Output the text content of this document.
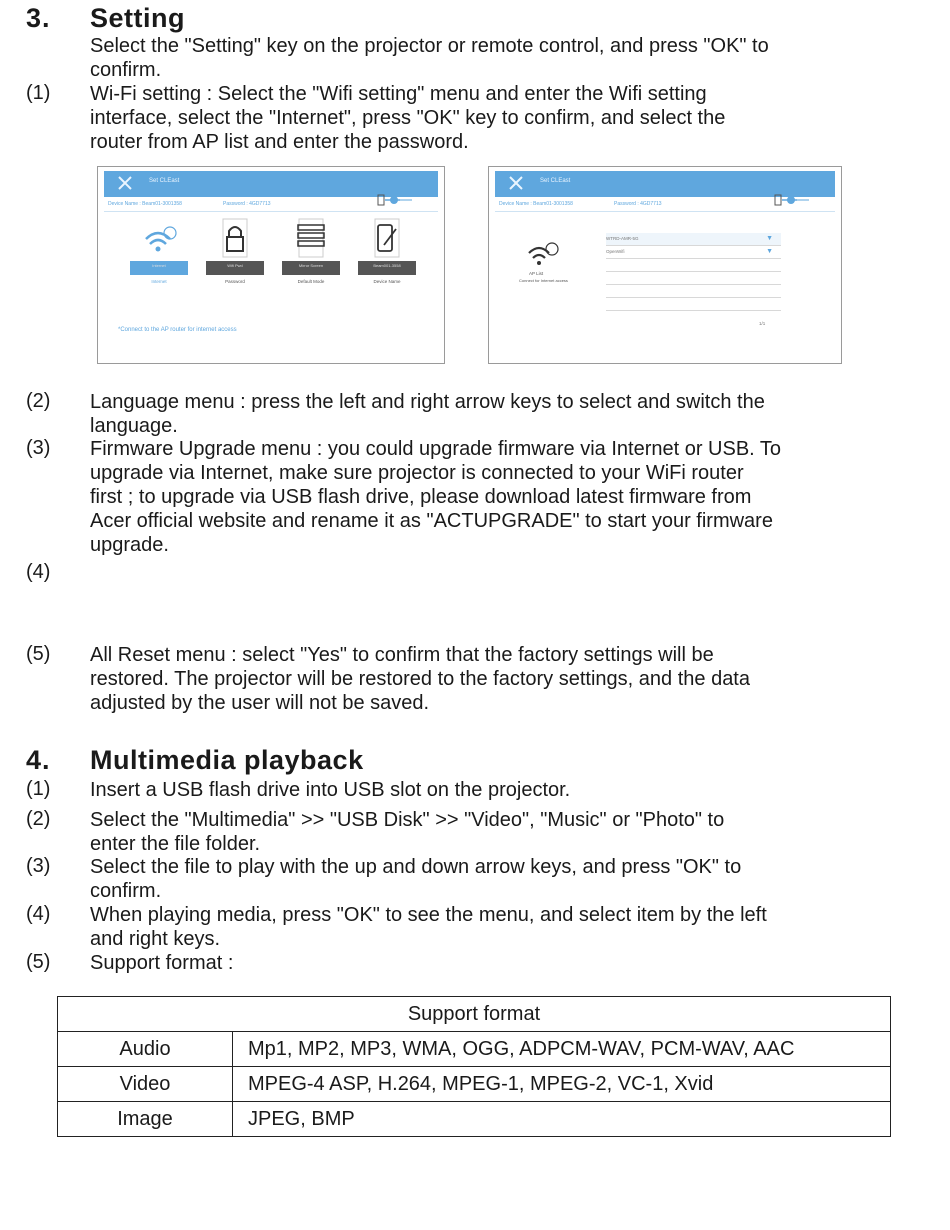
3. Setting
Select the "Setting" key on the projector or remote control, and press "OK" to
confirm.
(1) Wi-Fi setting : Select the "Wifi setting" menu and enter the Wifi setting
interface, select the "Internet", press "OK" key to confirm, and select the
router from AP list and enter the password.
Set CLEast
Device Name : Beam01-3001358	Password : 4GD7713
Internet
Internet
Wifi Pwd
Password
Mirror Screen
Default Mode
Beam001-3558
Device Name
*Connect to the AP router for internet access
Set CLEast
Device Name : Beam01-3001358	Password : 4GD7713
AP List
Connect for Internet access
WTRD-AMR-5G	▼
OpenWifi	▼
1/1
(2) Language menu : press the left and right arrow keys to select and switch the
language.
(3) Firmware Upgrade menu : you could upgrade firmware via Internet or USB. To
upgrade via Internet, make sure projector is connected to your WiFi router
first ; to upgrade via USB flash drive, please download latest firmware from
Acer official website and rename it as "ACTUPGRADE" to start your firmware
upgrade.
(4)
(5) All Reset menu : select "Yes" to confirm that the factory settings will be
restored. The projector will be restored to the factory settings, and the data
adjusted by the user will not be saved.
4. Multimedia playback
(1) Insert a USB flash drive into USB slot on the projector.
(2) Select the "Multimedia" >> "USB Disk" >> "Video", "Music" or "Photo" to
enter the file folder.
(3) Select the file to play with the up and down arrow keys, and press "OK" to
confirm.
(4) When playing media, press "OK" to see the menu, and select item by the left
and right keys.
(5) Support format :
Support format	
Audio	Mp1, MP2, MP3, WMA, OGG, ADPCM-WAV, PCM-WAV, AAC
Video	MPEG-4 ASP, H.264, MPEG-1, MPEG-2, VC-1, Xvid
Image	JPEG, BMP
